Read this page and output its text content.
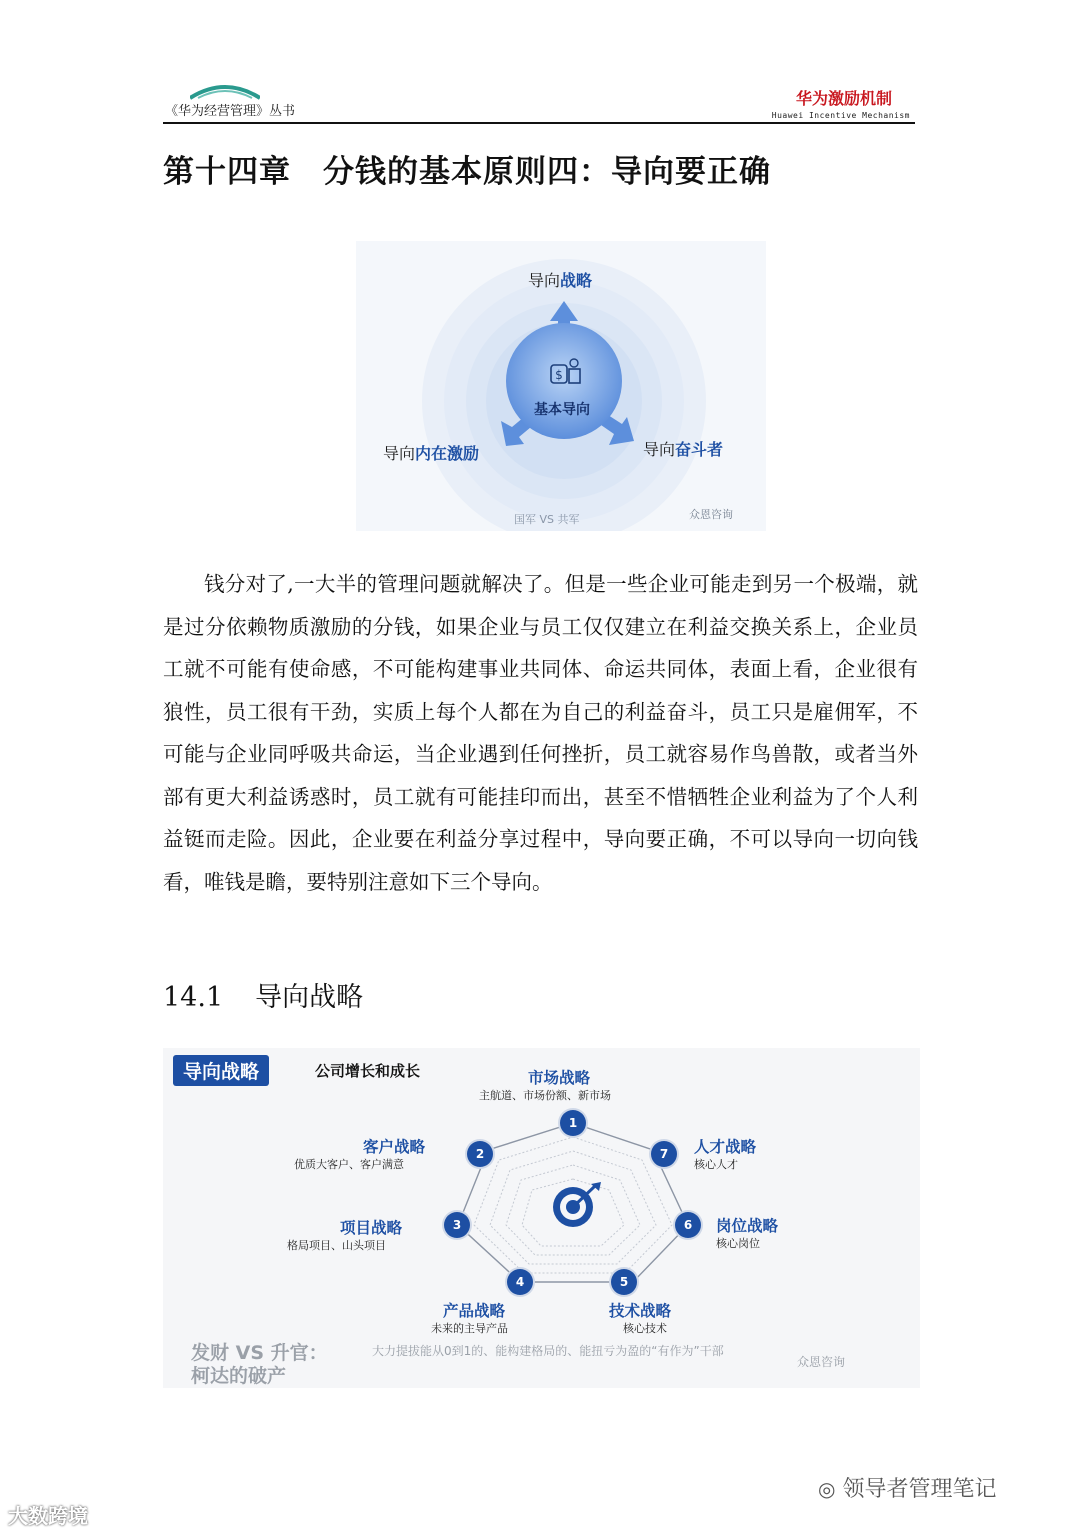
《华为经营管理》丛书
华为激励机制
Huawei Incentive Mechanism
第十四章　分钱的基本原则四：导向要正确
导向战略
$
基本导向
导向内在激励	导向奋斗者
国军 VS 共军	众恩咨询
钱分对了,一大半的管理问题就解决了。但是一些企业可能走到另一个极端，就是过分依赖物质激励的分钱，如果企业与员工仅仅建立在利益交换关系上，企业员工就不可能有使命感，不可能构建事业共同体、命运共同体，表面上看，企业很有狼性，员工很有干劲，实质上每个人都在为自己的利益奋斗，员工只是雇佣军，不可能与企业同呼吸共命运，当企业遇到任何挫折，员工就容易作鸟兽散，或者当外部有更大利益诱惑时，员工就有可能挂印而出，甚至不惜牺牲企业利益为了个人利益铤而走险。因此，企业要在利益分享过程中，导向要正确，不可以导向一切向钱看，唯钱是瞻，要特别注意如下三个导向。
14.1 导向战略
导向战略	公司增长和成长	市场战略
主航道、市场份额、新市场
1
客户战略
优质大客户、客户满意
2
项目战略
格局项目、山头项目
3
4
产品战略
未来的主导产品
5
技术战略
核心技术
6	岗位战略
核心岗位
7	人才战略
核心人才
发财 VS 升官：
柯达的破产
大力提拔能从0到1的、能构建格局的、能扭亏为盈的“有作为”干部
众恩咨询
◎ 领导者管理笔记
大数跨境
